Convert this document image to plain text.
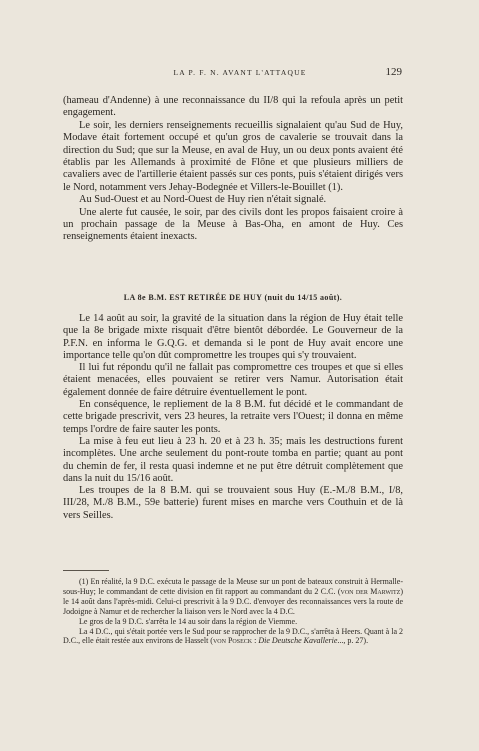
LA P. F. N. AVANT L'ATTAQUE	129

(hameau d'Andenne) à une reconnaissance du II/8 qui la refoula après un petit engagement.

Le soir, les derniers renseignements recueillis signalaient qu'au Sud de Huy, Modave était fortement occupé et qu'un gros de cavalerie se trouvait dans la direction du Sud; que sur la Meuse, en aval de Huy, un ou deux ponts avaient été établis par les Allemands à proximité de Flône et que plusieurs milliers de cavaliers avec de l'artillerie étaient passés sur ces ponts, puis s'étaient dirigés vers le Nord, notamment vers Jehay-Bodegnée et Villers-le-Bouillet (1).

Au Sud-Ouest et au Nord-Ouest de Huy rien n'était signalé.

Une alerte fut causée, le soir, par des civils dont les propos faisaient croire à un prochain passage de la Meuse à Bas-Oha, en amont de Huy. Ces renseignements étaient inexacts.

LA 8e B.M. EST RETIRÉE DE HUY (nuit du 14/15 août).

Le 14 août au soir, la gravité de la situation dans la région de Huy était telle que la 8e brigade mixte risquait d'être bientôt débordée. Le Gouverneur de la P.F.N. en informa le G.Q.G. et demanda si le pont de Huy avait encore une importance telle qu'on dût compromettre les troupes qui s'y trouvaient.

Il lui fut répondu qu'il ne fallait pas compromettre ces troupes et que si elles étaient menacées, elles pouvaient se retirer vers Namur. Autorisation était également donnée de faire détruire éventuellement le pont.

En conséquence, le repliement de la 8 B.M. fut décidé et le commandant de cette brigade prescrivit, vers 23 heures, la retraite vers l'Ouest; il donna en même temps l'ordre de faire sauter les ponts.

La mise à feu eut lieu à 23 h. 20 et à 23 h. 35; mais les destructions furent incomplètes. Une arche seulement du pont-route tomba en partie; quant au pont du chemin de fer, il resta quasi indemne et ne put être détruit complètement que dans la nuit du 15/16 août.

Les troupes de la 8 B.M. qui se trouvaient sous Huy (E.-M./8 B.M., I/8, III/28, M./8 B.M., 59e batterie) furent mises en marche vers Couthuin et de là vers Seilles.

(1) En réalité, la 9 D.C. exécuta le passage de la Meuse sur un pont de bateaux construit à Hermalle-sous-Huy; le commandant de cette division en fit rapport au commandant du 2 C.C. (von der Marwitz) le 14 août dans l'après-midi. Celui-ci prescrivit à la 9 D.C. d'envoyer des reconnaissances vers la route de Jodoigne à Namur et de rechercher la liaison vers le Nord avec la 4 D.C.

Le gros de la 9 D.C. s'arrêta le 14 au soir dans la région de Viemme.

La 4 D.C., qui s'était portée vers le Sud pour se rapprocher de la 9 D.C., s'arrêta à Heers. Quant à la 2 D.C., elle était restée aux environs de Hasselt (von Poseck : Die Deutsche Kavallerie..., p. 27).
